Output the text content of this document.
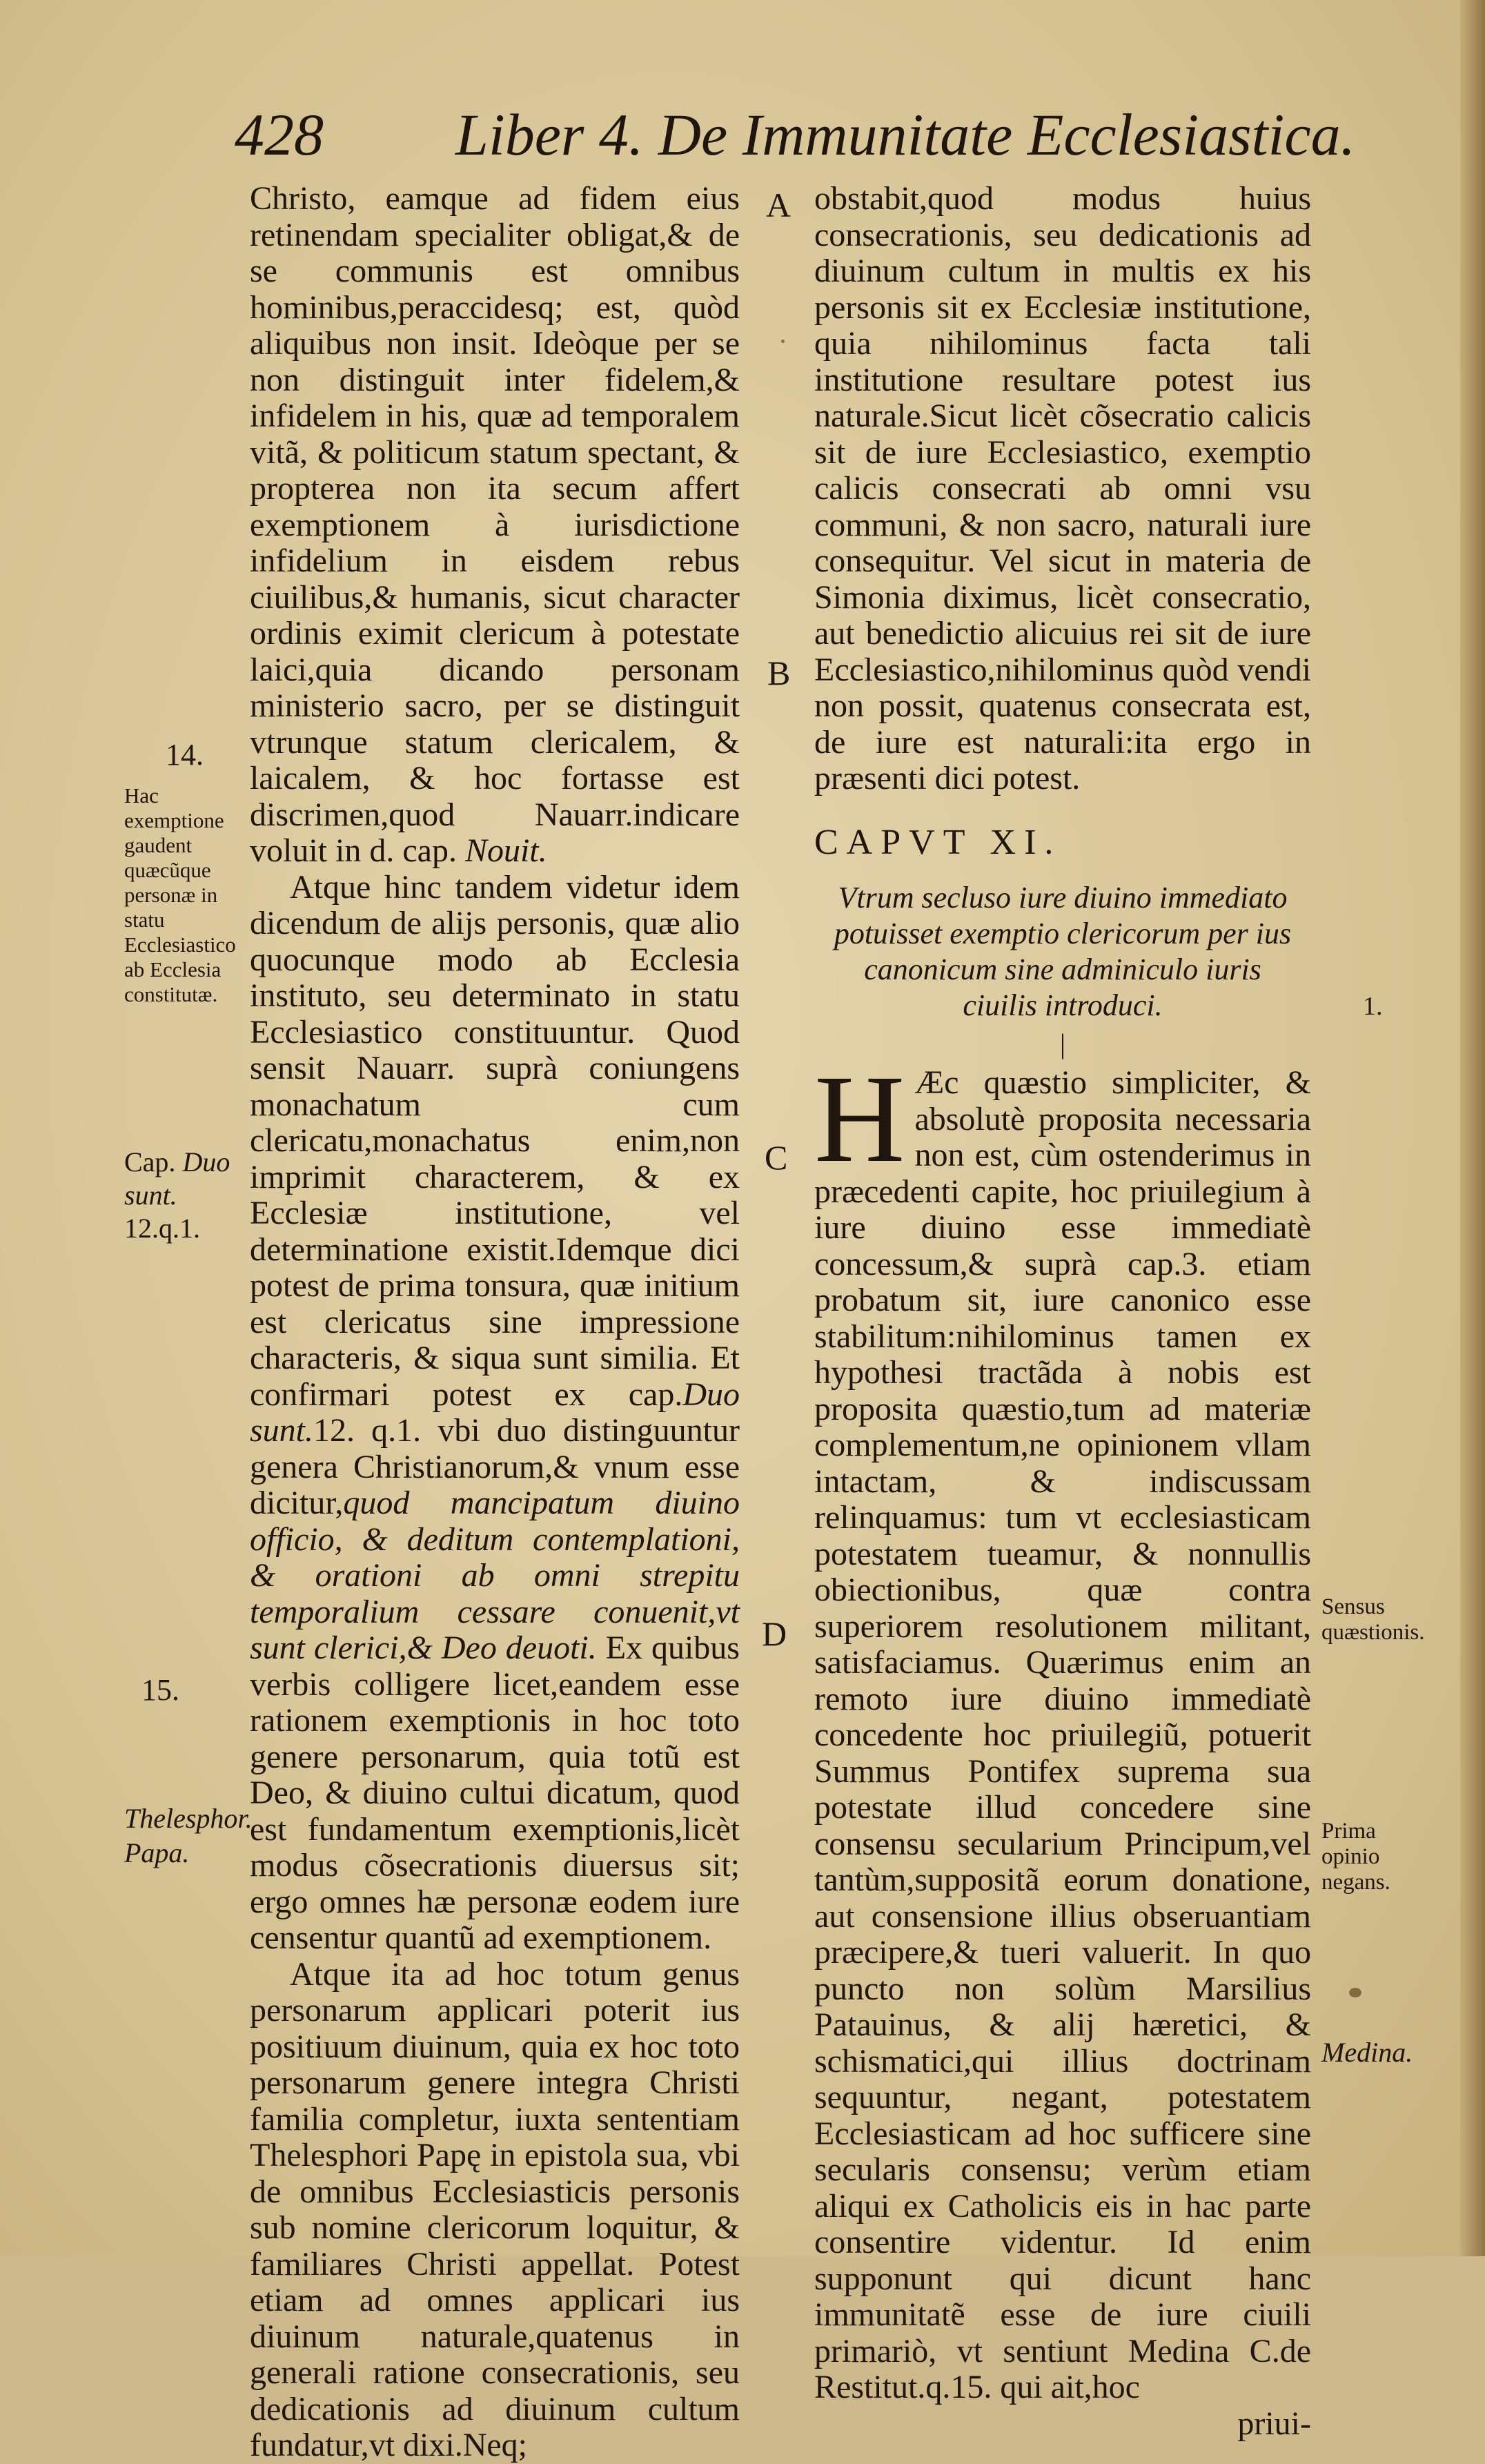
428 Liber 4. De Immunitate Ecclesiastica.
14.
Hac exemptione gaudent quæcũque personæ in statu Ecclesiastico ab Ecclesia constitutæ.
Cap. Duo sunt. 12.q.1.
15.
Thelesphor. Papa.
1.
Sensus quæstionis.
Prima opinio negans.
Medina.
A
B
C
D

Christo, eamque ad fidem eius retinendam specialiter obligat,& de se communis est omnibus hominibus,peraccidesq; est, quòd aliquibus non insit. Ideòque per se non distinguit inter fidelem,& infidelem in his, quæ ad temporalem vitã, & politicum statum spectant, & propterea non ita secum affert exemptionem à iurisdictione infidelium in eisdem rebus ciuilibus,& humanis, sicut character ordinis eximit clericum à potestate laici,quia dicando personam ministerio sacro, per se distinguit vtrunque statum clericalem, & laicalem, & hoc fortasse est discrimen,quod Nauarr.indicare voluit in d. cap. Nouit.

Atque hinc tandem videtur idem dicendum de alijs personis, quæ alio quocunque modo ab Ecclesia instituto, seu determinato in statu Ecclesiastico constituuntur. Quod sensit Nauarr. suprà coniungens monachatum cum clericatu,monachatus enim,non imprimit characterem, & ex Ecclesiæ institutione, vel determinatione existit.Idemque dici potest de prima tonsura, quæ initium est clericatus sine impressione characteris, & siqua sunt similia. Et confirmari potest ex cap.Duo sunt.12. q.1. vbi duo distinguuntur genera Christianorum,& vnum esse dicitur,quod mancipatum diuino officio, & deditum contemplationi, & orationi ab omni strepitu temporalium cessare conuenit,vt sunt clerici,& Deo deuoti. Ex quibus verbis colligere licet,eandem esse rationem exemptionis in hoc toto genere personarum, quia totũ est Deo, & diuino cultui dicatum, quod est fundamentum exemptionis,licèt modus cõsecrationis diuersus sit; ergo omnes hæ personæ eodem iure censentur quantũ ad exemptionem.

Atque ita ad hoc totum genus personarum applicari poterit ius positiuum diuinum, quia ex hoc toto personarum genere integra Christi familia completur, iuxta sententiam Thelesphori Papę in epistola sua, vbi de omnibus Ecclesiasticis personis sub nomine clericorum loquitur, & familiares Christi appellat. Potest etiam ad omnes applicari ius diuinum naturale,quatenus in generali ratione consecrationis, seu dedicationis ad diuinum cultum fundatur,vt dixi.Neq;

obstabit,quod modus huius consecrationis, seu dedicationis ad diuinum cultum in multis ex his personis sit ex Ecclesiæ institutione, quia nihilominus facta tali institutione resultare potest ius naturale.Sicut licèt cõsecratio calicis sit de iure Ecclesiastico, exemptio calicis consecrati ab omni vsu communi, & non sacro, naturali iure consequitur. Vel sicut in materia de Simonia diximus, licèt consecratio, aut benedictio alicuius rei sit de iure Ecclesiastico,nihilominus quòd vendi non possit, quatenus consecrata est, de iure est naturali:ita ergo in præsenti dici potest.

CAPVT XI.

Vtrum secluso iure diuino immediato potuisset exemptio clericorum per ius canonicum sine adminiculo iuris ciuilis introduci.

|

H Æc quæstio simpliciter, & absolutè proposita necessaria non est, cùm ostenderimus in præcedenti capite, hoc priuilegium à iure diuino esse immediatè concessum,& suprà cap.3. etiam probatum sit, iure canonico esse stabilitum:nihilominus tamen ex hypothesi tractãda à nobis est proposita quæstio,tum ad materiæ complementum,ne opinionem vllam intactam, & indiscussam relinquamus: tum vt ecclesiasticam potestatem tueamur, & nonnullis obiectionibus, quæ contra superiorem resolutionem militant, satisfaciamus. Quærimus enim an remoto iure diuino immediatè concedente hoc priuilegiũ, potuerit Summus Pontifex suprema sua potestate illud concedere sine consensu secularium Principum,vel tantùm,suppositã eorum donatione, aut consensione illius obseruantiam præcipere,& tueri valuerit. In quo puncto non solùm Marsilius Patauinus, & alij hæretici, & schismatici,qui illius doctrinam sequuntur, negant, potestatem Ecclesiasticam ad hoc sufficere sine secularis consensu; verùm etiam aliqui ex Catholicis eis in hac parte consentire videntur. Id enim supponunt qui dicunt hanc immunitatẽ esse de iure ciuili primariò, vt sentiunt Medina C.de Restitut.q.15. qui ait,hoc

priui-
